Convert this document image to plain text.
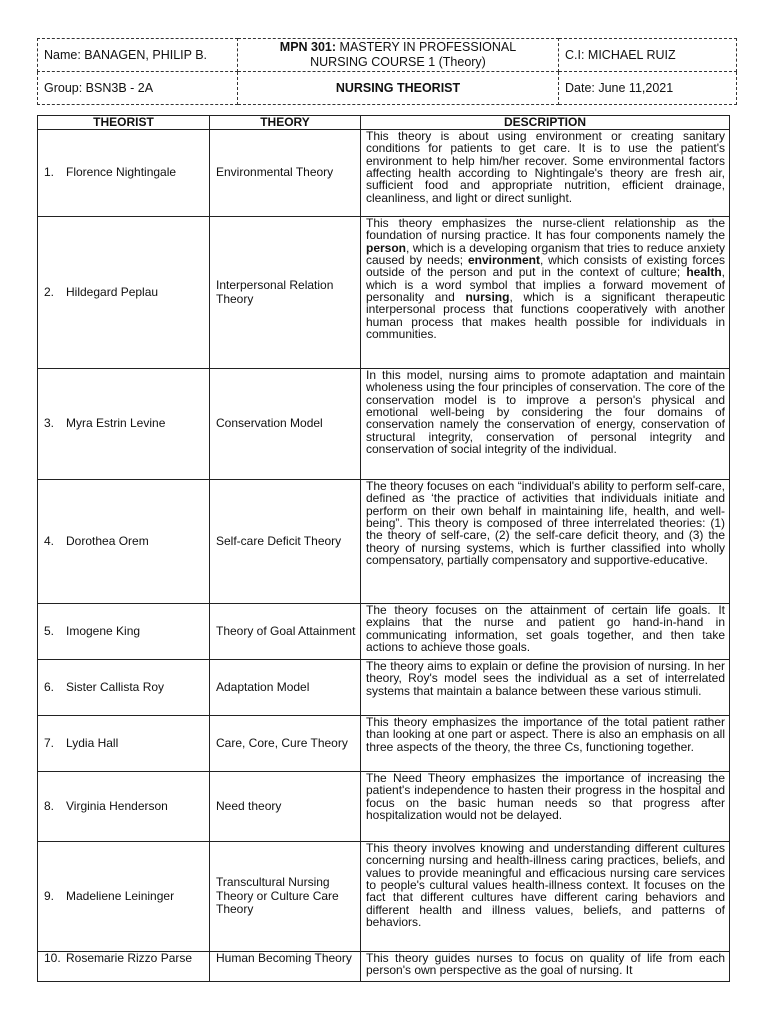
Name: BANAGEN, PHILIP B.	MPN 301: MASTERY IN PROFESSIONAL
NURSING COURSE 1 (Theory)	C.I: MICHAEL RUIZ
Group: BSN3B - 2A	NURSING THEORIST	Date: June 11,2021
THEORIST	THEORY	DESCRIPTION

1. Florence Nightingale	Environmental Theory	This theory is about using environment or creating sanitary conditions for patients to get care. It is to use the patient's environment to help him/her recover. Some environmental factors affecting health according to Nightingale's theory are fresh air, sufficient food and appropriate nutrition, efficient drainage, cleanliness, and light or direct sunlight.

2. Hildegard Peplau	Interpersonal Relation Theory	This theory emphasizes the nurse-client relationship as the foundation of nursing practice. It has four components namely the person, which is a developing organism that tries to reduce anxiety caused by needs; environment, which consists of existing forces outside of the person and put in the context of culture; health, which is a word symbol that implies a forward movement of personality and nursing, which is a significant therapeutic interpersonal process that functions cooperatively with another human process that makes health possible for individuals in communities.

3. Myra Estrin Levine	Conservation Model	In this model, nursing aims to promote adaptation and maintain wholeness using the four principles of conservation. The core of the conservation model is to improve a person's physical and emotional well-being by considering the four domains of conservation namely the conservation of energy, conservation of structural integrity, conservation of personal integrity and conservation of social integrity of the individual.

4. Dorothea Orem	Self-care Deficit Theory	The theory focuses on each “individual's ability to perform self-care, defined as ‘the practice of activities that individuals initiate and perform on their own behalf in maintaining life, health, and well-being”. This theory is composed of three interrelated theories: (1) the theory of self-care, (2) the self-care deficit theory, and (3) the theory of nursing systems, which is further classified into wholly compensatory, partially compensatory and supportive-educative.

5. Imogene King	Theory of Goal Attainment	The theory focuses on the attainment of certain life goals. It explains that the nurse and patient go hand-in-hand in communicating information, set goals together, and then take actions to achieve those goals.

6. Sister Callista Roy	Adaptation Model	The theory aims to explain or define the provision of nursing. In her theory, Roy's model sees the individual as a set of interrelated systems that maintain a balance between these various stimuli.

7. Lydia Hall	Care, Core, Cure Theory	This theory emphasizes the importance of the total patient rather than looking at one part or aspect. There is also an emphasis on all three aspects of the theory, the three Cs, functioning together.

8. Virginia Henderson	Need theory	The Need Theory emphasizes the importance of increasing the patient's independence to hasten their progress in the hospital and focus on the basic human needs so that progress after hospitalization would not be delayed.

9. Madeliene Leininger	Transcultural Nursing Theory or Culture Care Theory	This theory involves knowing and understanding different cultures concerning nursing and health-illness caring practices, beliefs, and values to provide meaningful and efficacious nursing care services to people's cultural values health-illness context. It focuses on the fact that different cultures have different caring behaviors and different health and illness values, beliefs, and patterns of behaviors.

10. Rosemarie Rizzo Parse	Human Becoming Theory	This theory guides nurses to focus on quality of life from each person's own perspective as the goal of nursing. It
